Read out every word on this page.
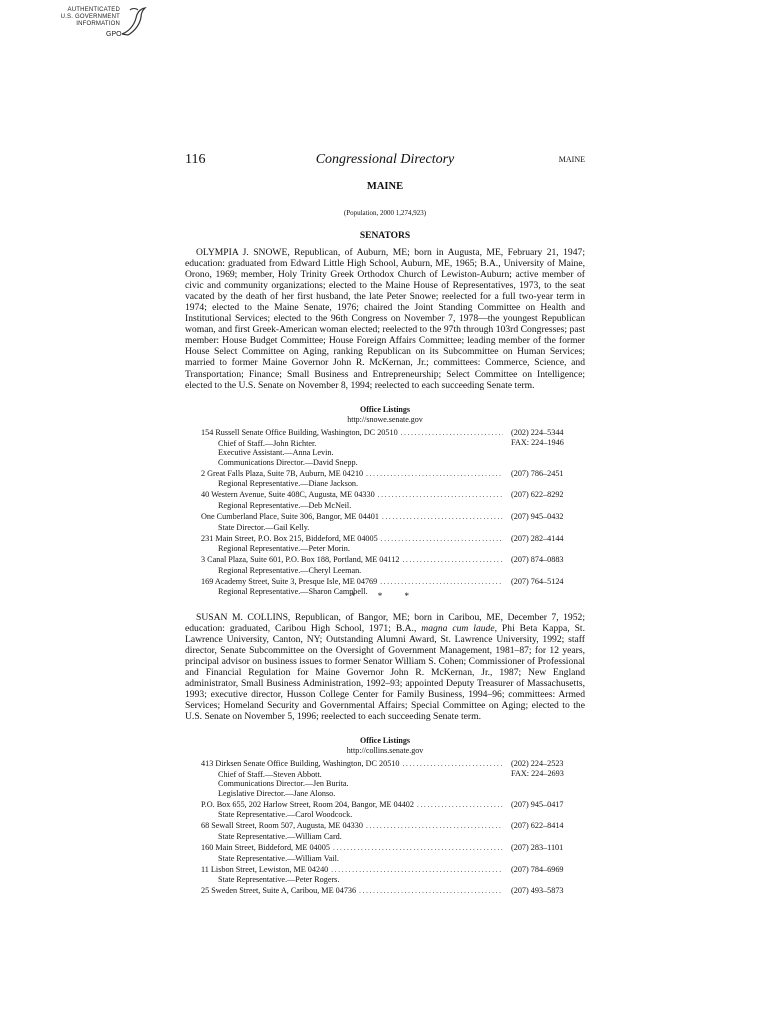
AUTHENTICATED
U.S. GOVERNMENT
INFORMATION
GPO
116	Congressional Directory	MAINE
MAINE
(Population, 2000 1,274,923)
SENATORS

OLYMPIA J. SNOWE, Republican, of Auburn, ME; born in Augusta, ME, February 21, 1947; education: graduated from Edward Little High School, Auburn, ME, 1965; B.A., University of Maine, Orono, 1969; member, Holy Trinity Greek Orthodox Church of Lewiston-Auburn; active member of civic and community organizations; elected to the Maine House of Representatives, 1973, to the seat vacated by the death of her first husband, the late Peter Snowe; reelected for a full two-year term in 1974; elected to the Maine Senate, 1976; chaired the Joint Standing Committee on Health and Institutional Services; elected to the 96th Congress on November 7, 1978—the youngest Republican woman, and first Greek-American woman elected; reelected to the 97th through 103rd Congresses; past member: House Budget Committee; House Foreign Affairs Committee; leading member of the former House Select Committee on Aging, ranking Republican on its Subcommittee on Human Services; married to former Maine Governor John R. McKernan, Jr.; committees: Commerce, Science, and Transportation; Finance; Small Business and Entrepreneurship; Select Committee on Intelligence; elected to the U.S. Senate on November 8, 1994; reelected to each succeeding Senate term.

Office Listings
http://snowe.senate.gov
154 Russell Senate Office Building, Washington, DC 20510 . . .	(202) 224–5344
FAX: 224–1946
Chief of Staff.—John Richter.
Executive Assistant.—Anna Levin.
Communications Director.—David Snepp.
2 Great Falls Plaza, Suite 7B, Auburn, ME 04210 . . .	(207) 786–2451
Regional Representative.—Diane Jackson.
40 Western Avenue, Suite 408C, Augusta, ME 04330 . . .	(207) 622–8292
Regional Representative.—Deb McNeil.
One Cumberland Place, Suite 306, Bangor, ME 04401 . . .	(207) 945–0432
State Director.—Gail Kelly.
231 Main Street, P.O. Box 215, Biddeford, ME 04005 . . .	(207) 282–4144
Regional Representative.—Peter Morin.
3 Canal Plaza, Suite 601, P.O. Box 188, Portland, ME 04112 . . .	(207) 874–0883
Regional Representative.—Cheryl Leeman.
169 Academy Street, Suite 3, Presque Isle, ME 04769 . . .	(207) 764–5124
Regional Representative.—Sharon Campbell.
* * *

SUSAN M. COLLINS, Republican, of Bangor, ME; born in Caribou, ME, December 7, 1952; education: graduated, Caribou High School, 1971; B.A., magna cum laude, Phi Beta Kappa, St. Lawrence University, Canton, NY; Outstanding Alumni Award, St. Lawrence University, 1992; staff director, Senate Subcommittee on the Oversight of Government Management, 1981–87; for 12 years, principal advisor on business issues to former Senator William S. Cohen; Commissioner of Professional and Financial Regulation for Maine Governor John R. McKernan, Jr., 1987; New England administrator, Small Business Administration, 1992–93; appointed Deputy Treasurer of Massachusetts, 1993; executive director, Husson College Center for Family Business, 1994–96; committees: Armed Services; Homeland Security and Governmental Affairs; Special Committee on Aging; elected to the U.S. Senate on November 5, 1996; reelected to each succeeding Senate term.

Office Listings
http://collins.senate.gov
413 Dirksen Senate Office Building, Washington, DC 20510 . . .	(202) 224–2523
FAX: 224–2693
Chief of Staff.—Steven Abbott.
Communications Director.—Jen Burita.
Legislative Director.—Jane Alonso.
P.O. Box 655, 202 Harlow Street, Room 204, Bangor, ME 04402 . . .	(207) 945–0417
State Representative.—Carol Woodcock.
68 Sewall Street, Room 507, Augusta, ME 04330 . . .	(207) 622–8414
State Representative.—William Card.
160 Main Street, Biddeford, ME 04005 . . .	(207) 283–1101
State Representative.—William Vail.
11 Lisbon Street, Lewiston, ME 04240 . . .	(207) 784–6969
State Representative.—Peter Rogers.
25 Sweden Street, Suite A, Caribou, ME 04736 . . .	(207) 493–5873
